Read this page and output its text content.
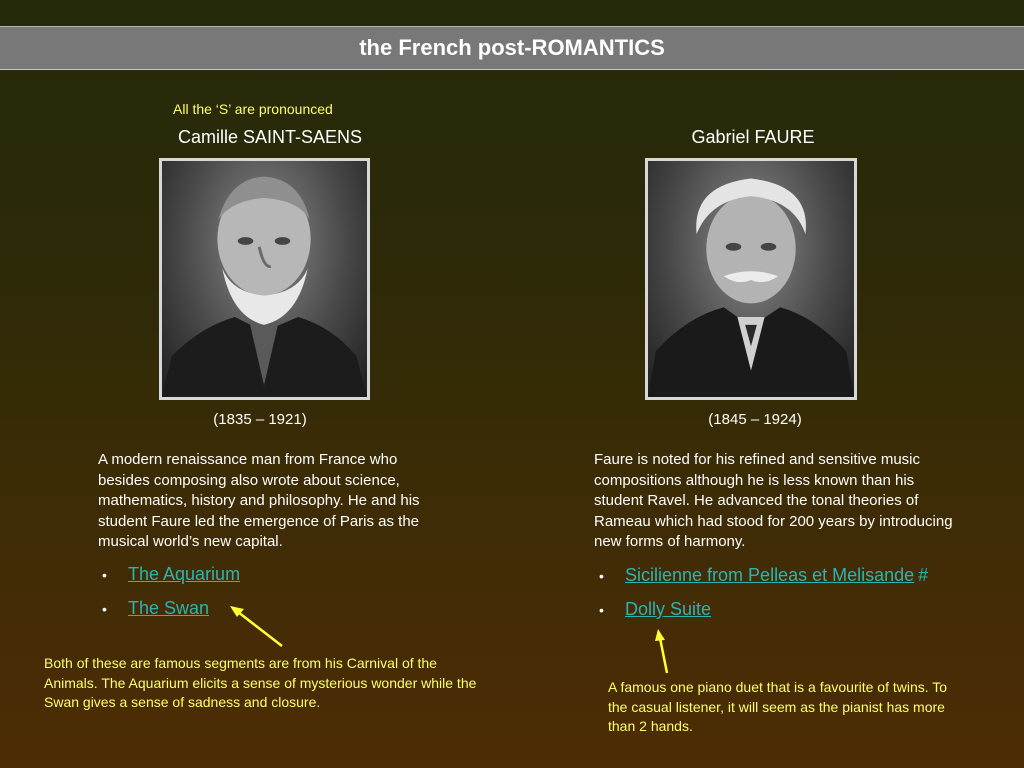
the French post-ROMANTICS
All the ‘S’ are pronounced
Camille SAINT-SAENS
(1835 – 1921)
A modern renaissance man from France who besides composing also wrote about science, mathematics, history and philosophy. He and his student Faure led the emergence of Paris as the musical world’s new capital.
• The Aquarium
• The Swan
Both of these are famous segments are from his Carnival of the Animals. The Aquarium elicits a sense of mysterious wonder while the Swan gives a sense of sadness and closure.
Gabriel FAURE
(1845 – 1924)
Faure is noted for his refined and sensitive music compositions although he is less known than his student Ravel. He advanced the tonal theories of Rameau which had stood for 200 years by introducing new forms of harmony.
• Sicilienne from Pelleas et Melisande #
• Dolly Suite
A famous one piano duet that is a favourite of twins. To the casual listener, it will seem as the pianist has more than 2 hands.
